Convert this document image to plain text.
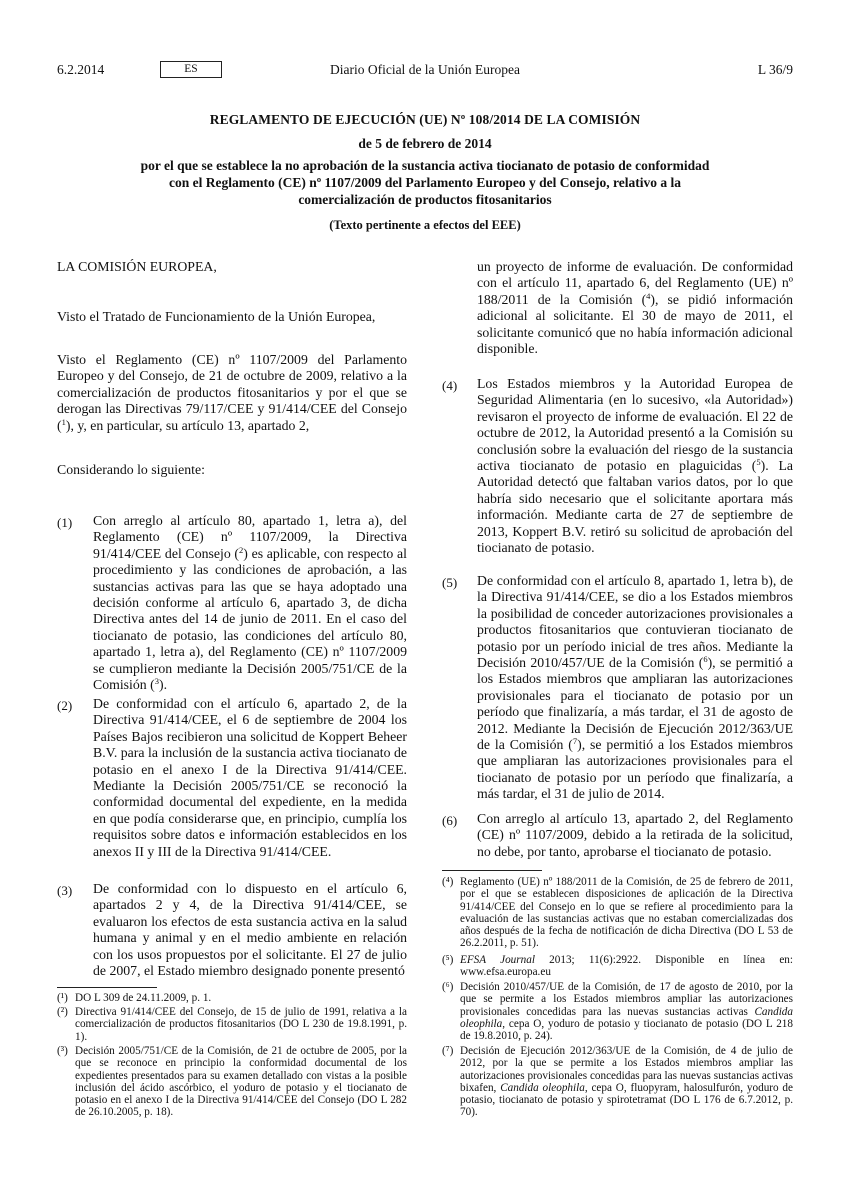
6.2.2014	ES	Diario Oficial de la Unión Europea	L 36/9
REGLAMENTO DE EJECUCIÓN (UE) Nº 108/2014 DE LA COMISIÓN
de 5 de febrero de 2014
por el que se establece la no aprobación de la sustancia activa tiocianato de potasio de conformidad
con el Reglamento (CE) nº 1107/2009 del Parlamento Europeo y del Consejo, relativo a la
comercialización de productos fitosanitarios
(Texto pertinente a efectos del EEE)
LA COMISIÓN EUROPEA,
Visto el Tratado de Funcionamiento de la Unión Europea,
Visto el Reglamento (CE) nº 1107/2009 del Parlamento Europeo y del Consejo, de 21 de octubre de 2009, relativo a la comercialización de productos fitosanitarios y por el que se derogan las Directivas 79/117/CEE y 91/414/CEE del Consejo ($^1$), y, en particular, su artículo 13, apartado 2,
Considerando lo siguiente:
(1) Con arreglo al artículo 80, apartado 1, letra a), del Reglamento (CE) nº 1107/2009, la Directiva 91/414/CEE del Consejo ($^2$) es aplicable, con respecto al procedimiento y las condiciones de aprobación, a las sustancias activas para las que se haya adoptado una decisión conforme al artículo 6, apartado 3, de dicha Directiva antes del 14 de junio de 2011. En el caso del tiocianato de potasio, las condiciones del artículo 80, apartado 1, letra a), del Reglamento (CE) nº 1107/2009 se cumplieron mediante la Decisión 2005/751/CE de la Comisión ($^3$).
(2) De conformidad con el artículo 6, apartado 2, de la Directiva 91/414/CEE, el 6 de septiembre de 2004 los Países Bajos recibieron una solicitud de Koppert Beheer B.V. para la inclusión de la sustancia activa tiocianato de potasio en el anexo I de la Directiva 91/414/CEE. Mediante la Decisión 2005/751/CE se reconoció la conformidad documental del expediente, en la medida en que podía considerarse que, en principio, cumplía los requisitos sobre datos e información establecidos en los anexos II y III de la Directiva 91/414/CEE.
(3) De conformidad con lo dispuesto en el artículo 6, apartados 2 y 4, de la Directiva 91/414/CEE, se evaluaron los efectos de esta sustancia activa en la salud humana y animal y en el medio ambiente en relación con los usos propuestos por el solicitante. El 27 de julio de 2007, el Estado miembro designado ponente presentó
(¹) DO L 309 de 24.11.2009, p. 1.
(²) Directiva 91/414/CEE del Consejo, de 15 de julio de 1991, relativa a la comercialización de productos fitosanitarios (DO L 230 de 19.8.1991, p. 1).
(³) Decisión 2005/751/CE de la Comisión, de 21 de octubre de 2005, por la que se reconoce en principio la conformidad documental de los expedientes presentados para su examen detallado con vistas a la posible inclusión del ácido ascórbico, el yoduro de potasio y el tiocianato de potasio en el anexo I de la Directiva 91/414/CEE del Consejo (DO L 282 de 26.10.2005, p. 18).
un proyecto de informe de evaluación. De conformidad con el artículo 11, apartado 6, del Reglamento (UE) nº 188/2011 de la Comisión ($^4$), se pidió información adicional al solicitante. El 30 de mayo de 2011, el solicitante comunicó que no había información adicional disponible.
(4) Los Estados miembros y la Autoridad Europea de Seguridad Alimentaria (en lo sucesivo, «la Autoridad») revisaron el proyecto de informe de evaluación. El 22 de octubre de 2012, la Autoridad presentó a la Comisión su conclusión sobre la evaluación del riesgo de la sustancia activa tiocianato de potasio en plaguicidas ($^5$). La Autoridad detectó que faltaban varios datos, por lo que habría sido necesario que el solicitante aportara más información. Mediante carta de 27 de septiembre de 2013, Koppert B.V. retiró su solicitud de aprobación del tiocianato de potasio.
(5) De conformidad con el artículo 8, apartado 1, letra b), de la Directiva 91/414/CEE, se dio a los Estados miembros la posibilidad de conceder autorizaciones provisionales a productos fitosanitarios que contuvieran tiocianato de potasio por un período inicial de tres años. Mediante la Decisión 2010/457/UE de la Comisión ($^6$), se permitió a los Estados miembros que ampliaran las autorizaciones provisionales para el tiocianato de potasio por un período que finalizaría, a más tardar, el 31 de agosto de 2012. Mediante la Decisión de Ejecución 2012/363/UE de la Comisión ($^7$), se permitió a los Estados miembros que ampliaran las autorizaciones provisionales para el tiocianato de potasio por un período que finalizaría, a más tardar, el 31 de julio de 2014.
(6) Con arreglo al artículo 13, apartado 2, del Reglamento (CE) nº 1107/2009, debido a la retirada de la solicitud, no debe, por tanto, aprobarse el tiocianato de potasio.
(⁴) Reglamento (UE) nº 188/2011 de la Comisión, de 25 de febrero de 2011, por el que se establecen disposiciones de aplicación de la Directiva 91/414/CEE del Consejo en lo que se refiere al procedimiento para la evaluación de las sustancias activas que no estaban comercializadas dos años después de la fecha de notificación de dicha Directiva (DO L 53 de 26.2.2011, p. 51).
(⁵) EFSA Journal 2013; 11(6):2922. Disponible en línea en: www.efsa.europa.eu
(⁶) Decisión 2010/457/UE de la Comisión, de 17 de agosto de 2010, por la que se permite a los Estados miembros ampliar las autorizaciones provisionales concedidas para las nuevas sustancias activas Candida oleophila, cepa O, yoduro de potasio y tiocianato de potasio (DO L 218 de 19.8.2010, p. 24).
(⁷) Decisión de Ejecución 2012/363/UE de la Comisión, de 4 de julio de 2012, por la que se permite a los Estados miembros ampliar las autorizaciones provisionales concedidas para las nuevas sustancias activas bixafen, Candida oleophila, cepa O, fluopyram, halosulfurón, yoduro de potasio, tiocianato de potasio y spirotetramat (DO L 176 de 6.7.2012, p. 70).
